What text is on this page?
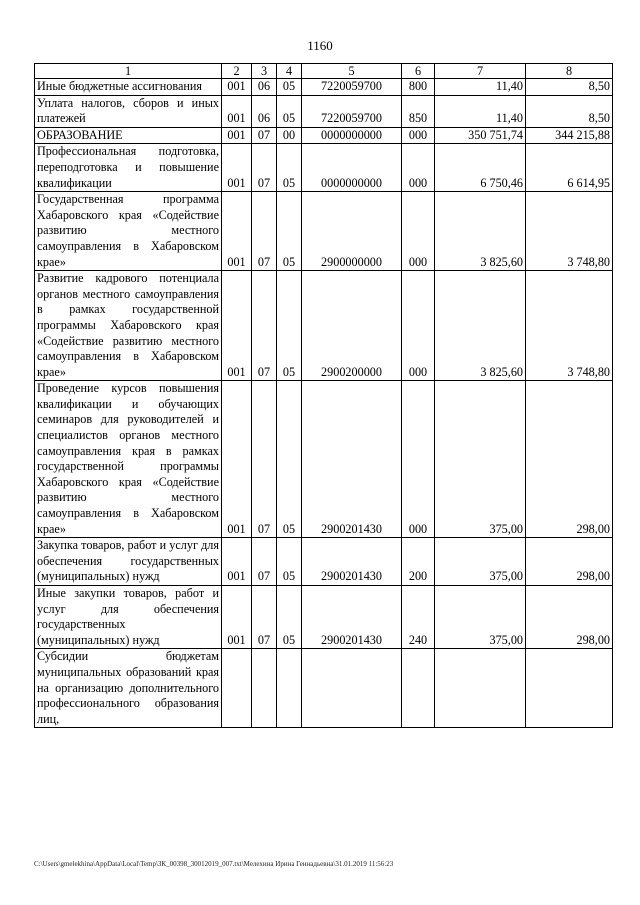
1160
1	2	3	4	5	6	7	8
Иные бюджетные ассигнования	001	06	05	7220059700	800	11,40	8,50
Уплата налогов, сборов и иных платежей	001	06	05	7220059700	850	11,40	8,50
ОБРАЗОВАНИЕ	001	07	00	0000000000	000	350 751,74	344 215,88
Профессиональная подготовка, переподготовка и повышение квалификации	001	07	05	0000000000	000	6 750,46	6 614,95
Государственная программа Хабаровского края «Содействие развитию местного самоуправления в Хабаровском крае»	001	07	05	2900000000	000	3 825,60	3 748,80
Развитие кадрового потенциала органов местного самоуправления в рамках государственной программы Хабаровского края «Содействие развитию местного самоуправления в Хабаровском крае»	001	07	05	2900200000	000	3 825,60	3 748,80
Проведение курсов повышения квалификации и обучающих семинаров для руководителей и специалистов органов местного самоуправления края в рамках государственной программы Хабаровского края «Содействие развитию местного самоуправления в Хабаровском крае»	001	07	05	2900201430	000	375,00	298,00
Закупка товаров, работ и услуг для обеспечения государственных (муниципальных) нужд	001	07	05	2900201430	200	375,00	298,00
Иные закупки товаров, работ и услуг для обеспечения государственных (муниципальных) нужд	001	07	05	2900201430	240	375,00	298,00
Субсидии бюджетам муниципальных образований края на организацию дополнительного профессионального образования лиц,							
C:\Users\gmelekhina\AppData\Local\Temp\ЗК_00398_30012019_007.txt\Мелехина Ирина Геннадьевна\31.01.2019 11:56:23
